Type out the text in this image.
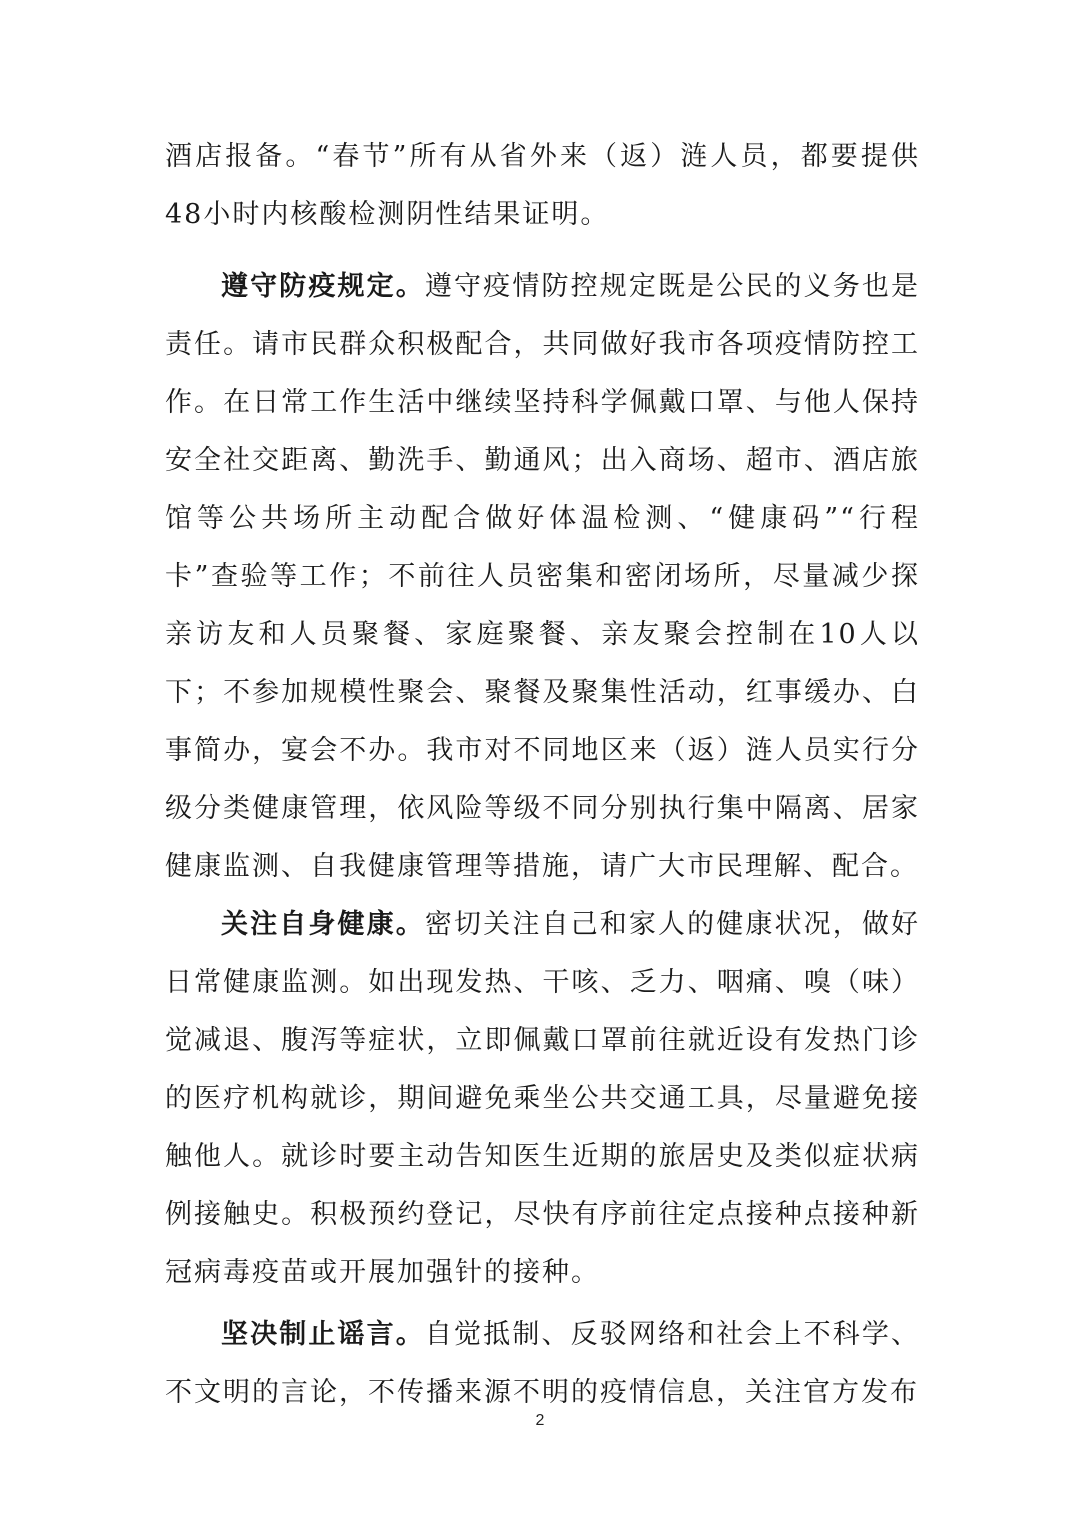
酒店报备。“春节”所有从省外来（返）涟人员，都要提供48小时内核酸检测阴性结果证明。

遵守防疫规定。遵守疫情防控规定既是公民的义务也是责任。请市民群众积极配合，共同做好我市各项疫情防控工作。在日常工作生活中继续坚持科学佩戴口罩、与他人保持安全社交距离、勤洗手、勤通风；出入商场、超市、酒店旅馆等公共场所主动配合做好体温检测、“健康码”“行程卡”查验等工作；不前往人员密集和密闭场所，尽量减少探亲访友和人员聚餐、家庭聚餐、亲友聚会控制在10人以下；不参加规模性聚会、聚餐及聚集性活动，红事缓办、白事简办，宴会不办。我市对不同地区来（返）涟人员实行分级分类健康管理，依风险等级不同分别执行集中隔离、居家健康监测、自我健康管理等措施，请广大市民理解、配合。

关注自身健康。密切关注自己和家人的健康状况，做好日常健康监测。如出现发热、干咳、乏力、咽痛、嗅（味）觉减退、腹泻等症状，立即佩戴口罩前往就近设有发热门诊的医疗机构就诊，期间避免乘坐公共交通工具，尽量避免接触他人。就诊时要主动告知医生近期的旅居史及类似症状病例接触史。积极预约登记，尽快有序前往定点接种点接种新冠病毒疫苗或开展加强针的接种。

坚决制止谣言。自觉抵制、反驳网络和社会上不科学、不文明的言论，不传播来源不明的疫情信息，关注官方发布

2
